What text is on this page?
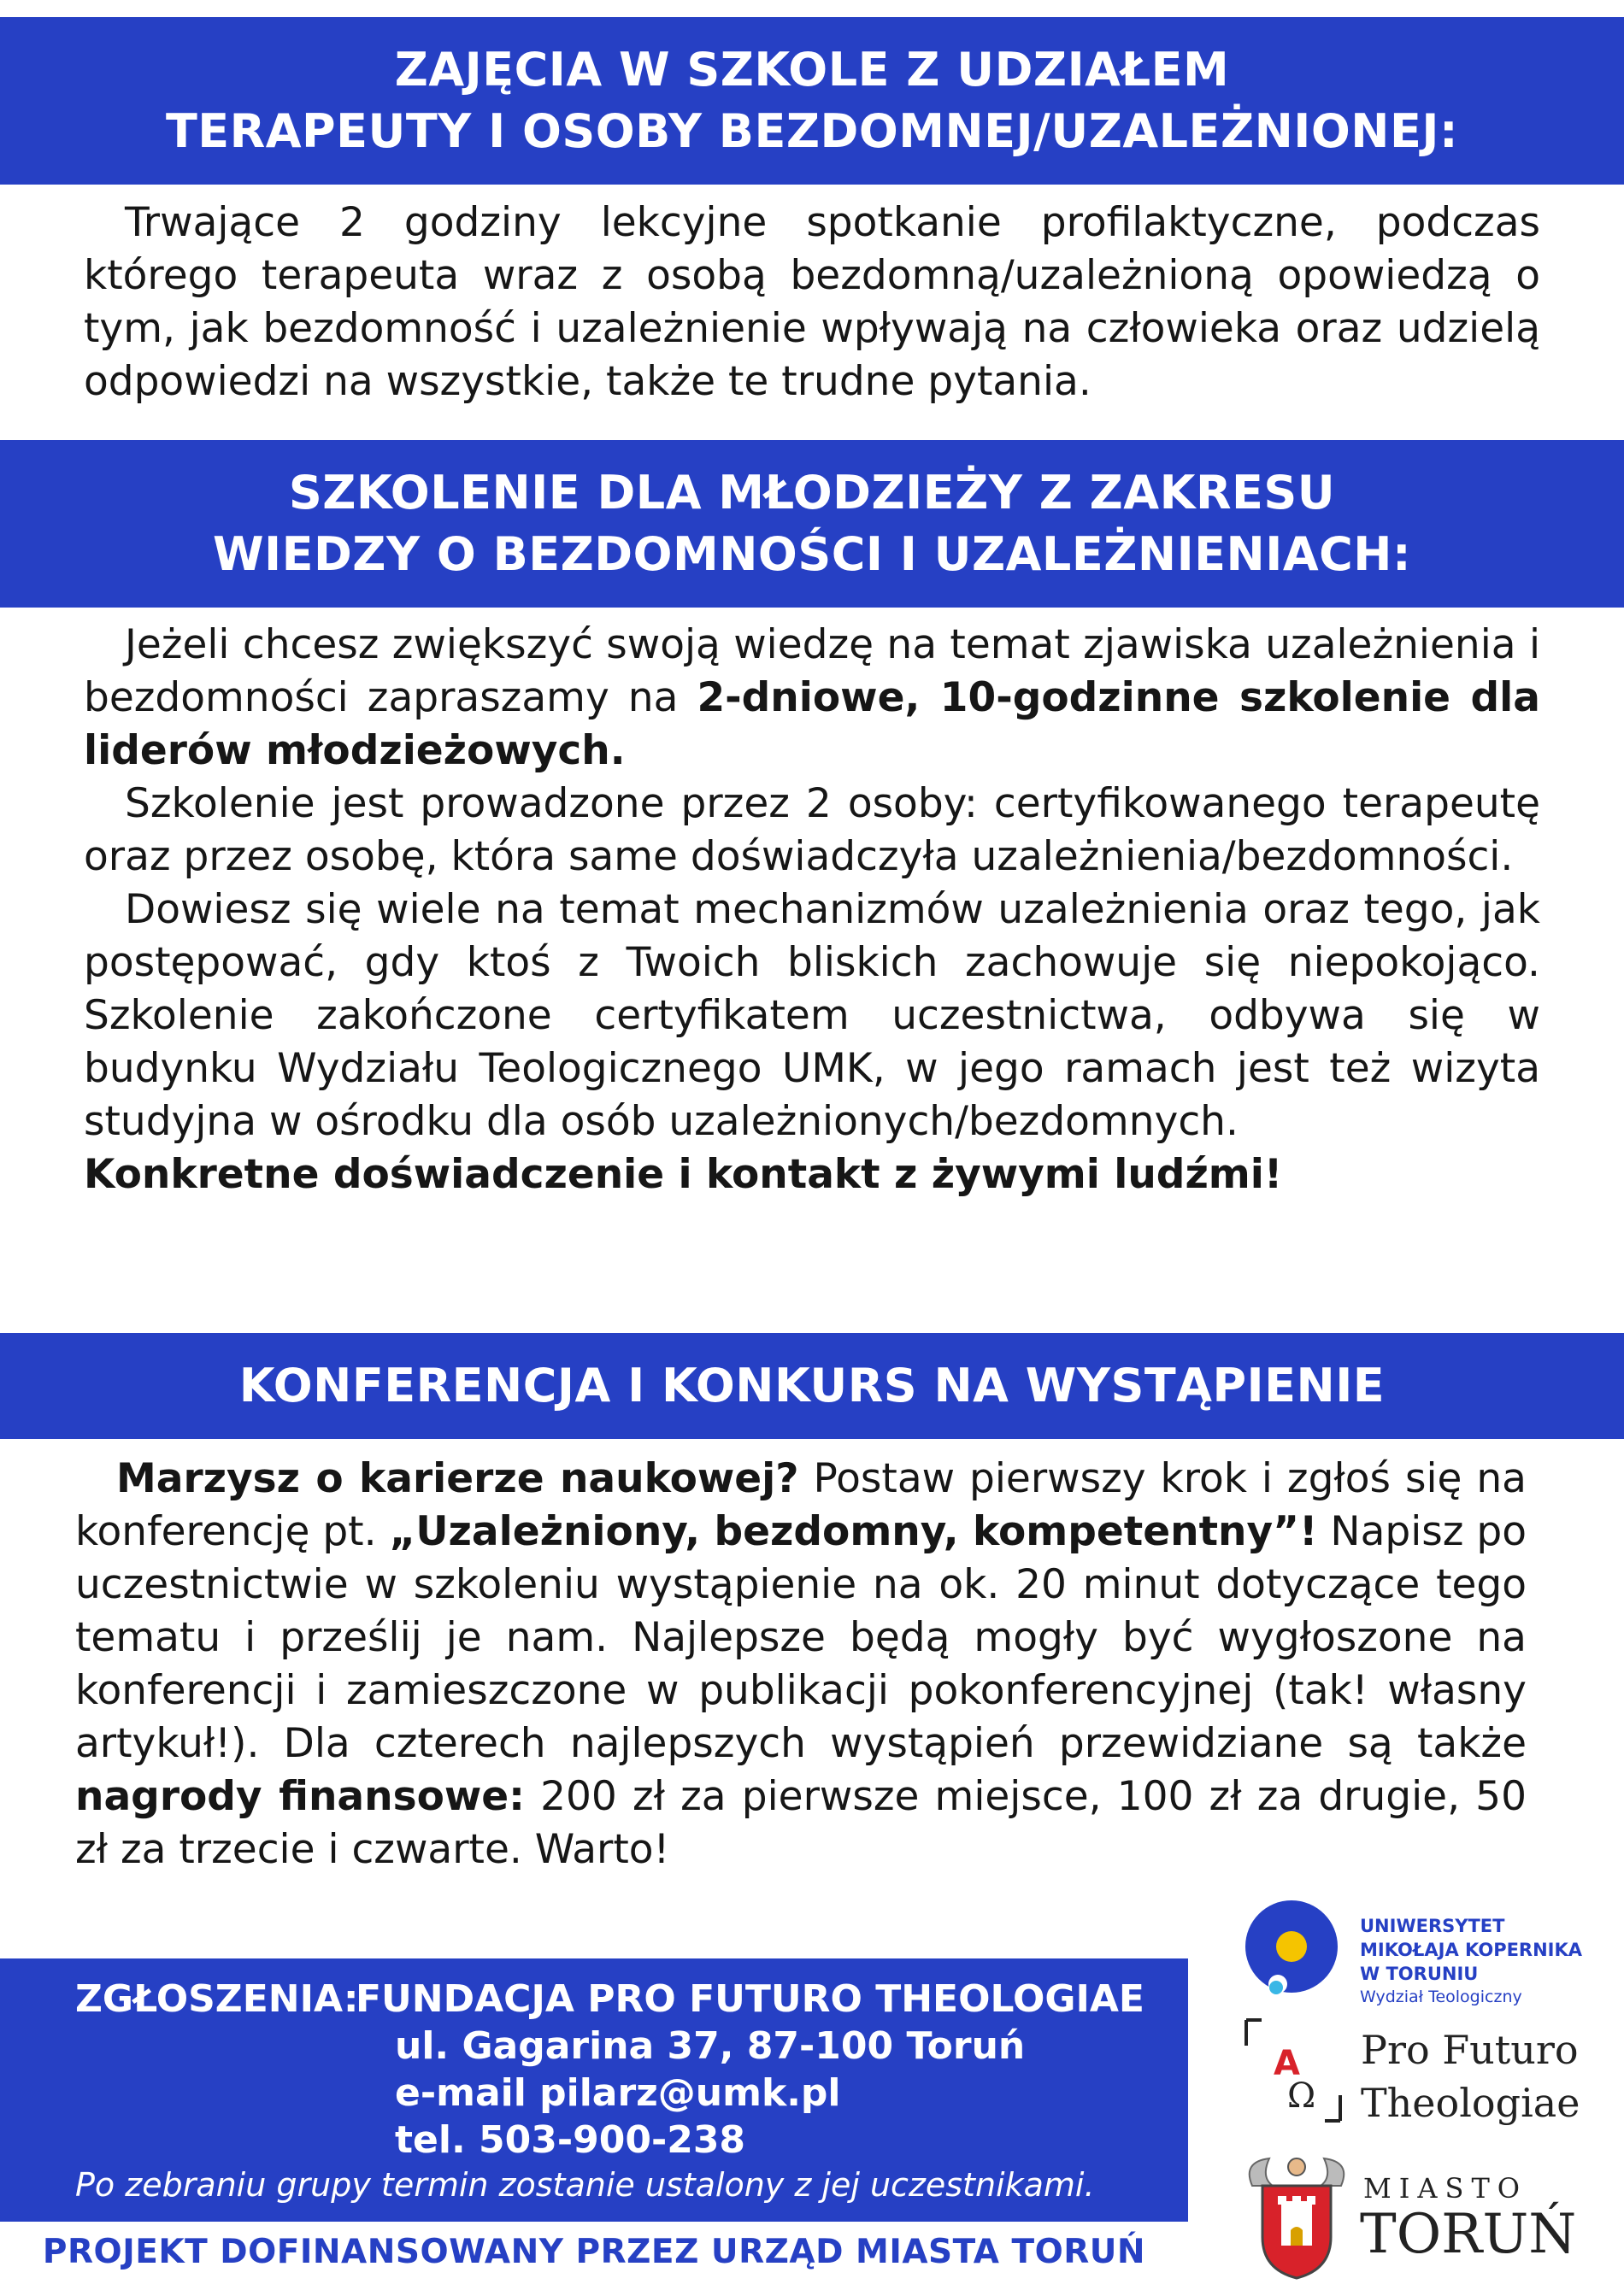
ZAJĘCIA W SZKOLE Z UDZIAŁEM
TERAPEUTY I OSOBY BEZDOMNEJ/UZALEŻNIONEJ:

Trwające 2 godziny lekcyjne spotkanie profilaktyczne, podczas którego terapeuta wraz z osobą bezdomną/uzależnioną opowiedzą o tym, jak bezdomność i uzależnienie wpływają na człowieka oraz udzielą odpowiedzi na wszystkie, także te trudne pytania.

SZKOLENIE DLA MŁODZIEŻY Z ZAKRESU
WIEDZY O BEZDOMNOŚCI I UZALEŻNIENIACH:

Jeżeli chcesz zwiększyć swoją wiedzę na temat zjawiska uzależnienia i bezdomności zapraszamy na 2-dniowe, 10-godzinne szkolenie dla liderów młodzieżowych.

Szkolenie jest prowadzone przez 2 osoby: certyfikowanego terapeutę oraz przez osobę, która same doświadczyła uzależnienia/bezdomności.

Dowiesz się wiele na temat mechanizmów uzależnienia oraz tego, jak postępować, gdy ktoś z Twoich bliskich zachowuje się niepokojąco. Szkolenie zakończone certyfikatem uczestnictwa, odbywa się w budynku Wydziału Teologicznego UMK, w jego ramach jest też wizyta studyjna w ośrodku dla osób uzależnionych/bezdomnych.

Konkretne doświadczenie i kontakt z żywymi ludźmi!

KONFERENCJA I KONKURS NA WYSTĄPIENIE

Marzysz o karierze naukowej? Postaw pierwszy krok i zgłoś się na konferencję pt. „Uzależniony, bezdomny, kompetentny”! Napisz po uczestnictwie w szkoleniu wystąpienie na ok. 20 minut dotyczące tego tematu i prześlij je nam. Najlepsze będą mogły być wygłoszone na konferencji i zamieszczone w publikacji pokonferencyjnej (tak! własny artykuł!). Dla czterech najlepszych wystąpień przewidziane są także nagrody finansowe: 200 zł za pierwsze miejsce, 100 zł za drugie, 50 zł za trzecie i czwarte. Warto!

ZGŁOSZENIA:
FUNDACJA PRO FUTURO THEOLOGIAE
ul. Gagarina 37, 87-100 Toruń
e-mail pilarz@umk.pl
tel. 503-900-238
Po zebraniu grupy termin zostanie ustalony z jej uczestnikami.
PROJEKT DOFINANSOWANY PRZEZ URZĄD MIASTA TORUŃ
UNIWERSYTET
MIKOŁAJA KOPERNIKA
W TORUNIU
Wydział Teologiczny
A
Ω
Pro Futuro
Theologiae
MIASTO
TORUŃ
